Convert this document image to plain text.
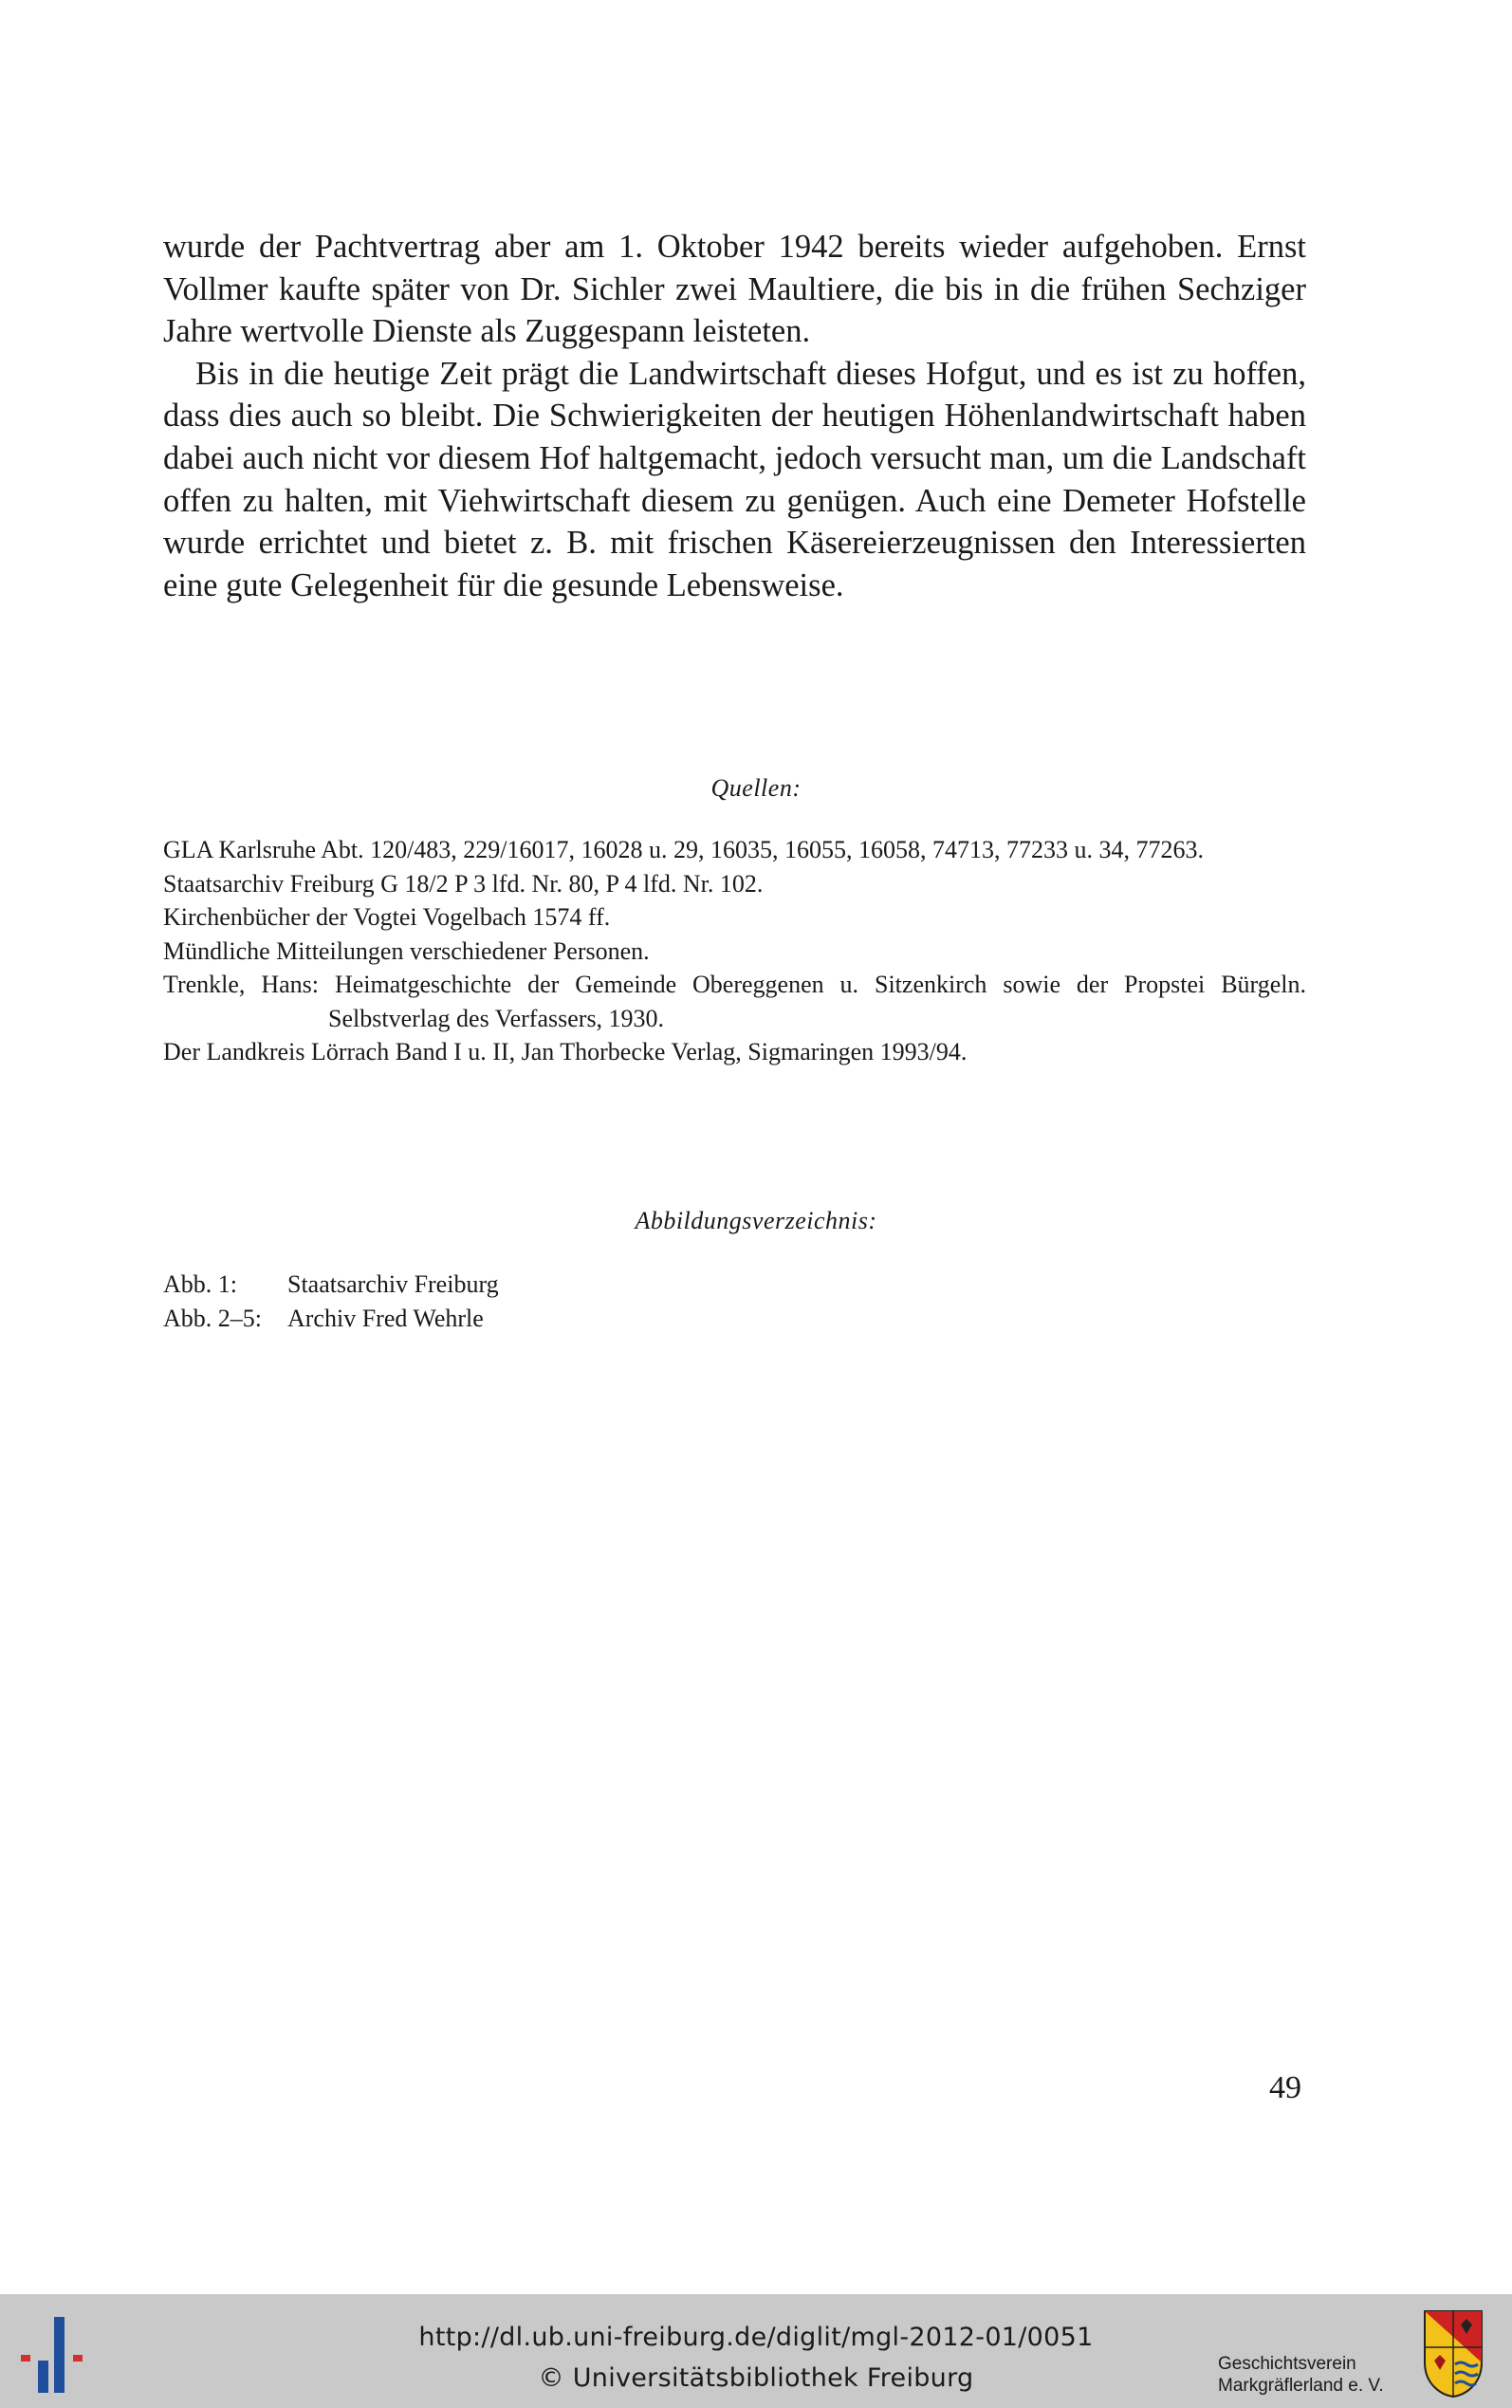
wurde der Pachtvertrag aber am 1. Oktober 1942 bereits wieder aufgehoben. Ernst Vollmer kaufte später von Dr. Sichler zwei Maultiere, die bis in die frühen Sechziger Jahre wertvolle Dienste als Zuggespann leisteten.

Bis in die heutige Zeit prägt die Landwirtschaft dieses Hofgut, und es ist zu hoffen, dass dies auch so bleibt. Die Schwierigkeiten der heutigen Höhenlandwirtschaft haben dabei auch nicht vor diesem Hof haltgemacht, jedoch versucht man, um die Landschaft offen zu halten, mit Viehwirtschaft diesem zu genügen. Auch eine Demeter Hofstelle wurde errichtet und bietet z. B. mit frischen Käsereierzeugnissen den Interessierten eine gute Gelegenheit für die gesunde Lebensweise.

Quellen:

GLA Karlsruhe Abt. 120/483, 229/16017, 16028 u. 29, 16035, 16055, 16058, 74713, 77233 u. 34, 77263.

Staatsarchiv Freiburg G 18/2 P 3 lfd. Nr. 80, P 4 lfd. Nr. 102.

Kirchenbücher der Vogtei Vogelbach 1574 ff.

Mündliche Mitteilungen verschiedener Personen.

Trenkle, Hans: Heimatgeschichte der Gemeinde Obereggenen u. Sitzenkirch sowie der Propstei Bürgeln. Selbstverlag des Verfassers, 1930.

Der Landkreis Lörrach Band I u. II, Jan Thorbecke Verlag, Sigmaringen 1993/94.

Abbildungsverzeichnis:
Abb. 1:	Staatsarchiv Freiburg
Abb. 2–5:	Archiv Fred Wehrle
49
http://dl.ub.uni-freiburg.de/diglit/mgl-2012-01/0051
© Universitätsbibliothek Freiburg	Geschichtsverein
Markgräflerland e. V.
